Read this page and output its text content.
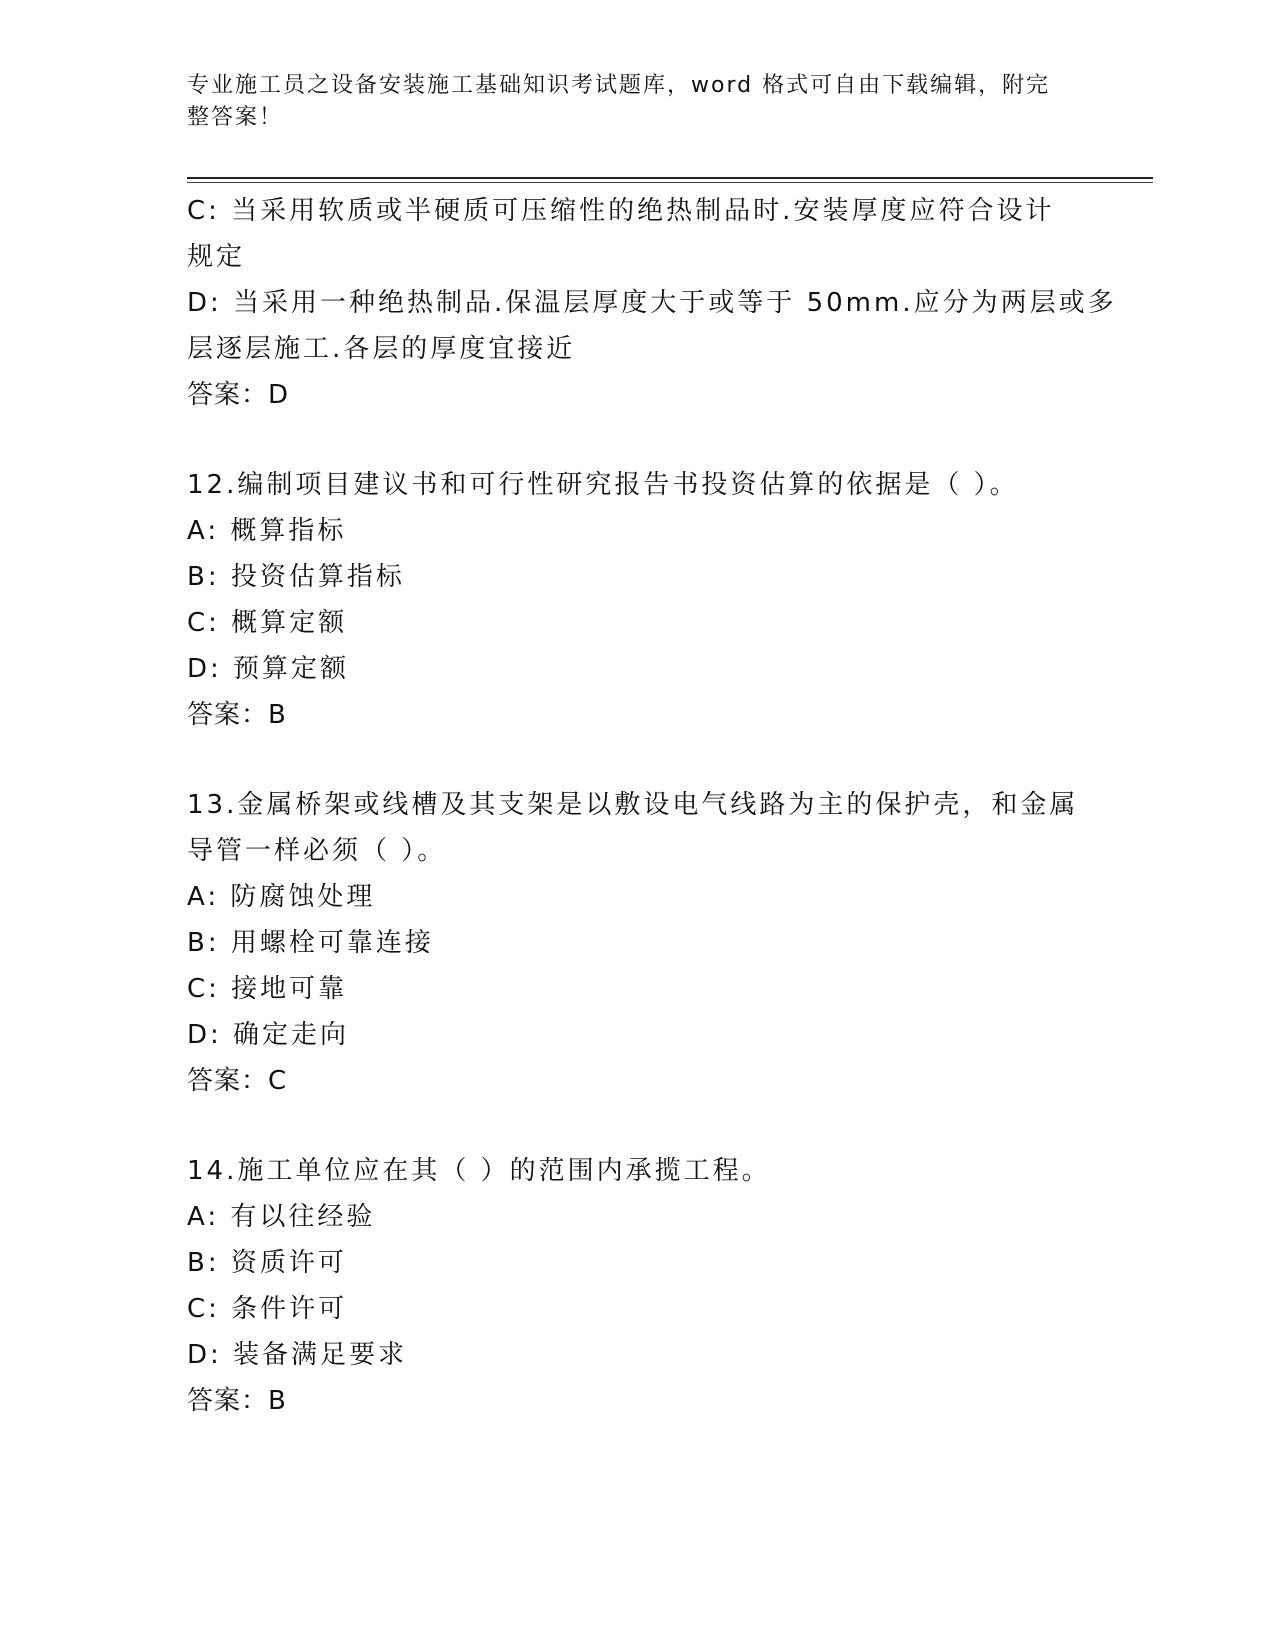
专业施工员之设备安装施工基础知识考试题库，word 格式可自由下载编辑，附完
整答案！
C: 当采用软质或半硬质可压缩性的绝热制品时.安装厚度应符合设计
规定
D: 当采用一种绝热制品.保温层厚度大于或等于 50mm.应分为两层或多
层逐层施工.各层的厚度宜接近
答案：D
12.编制项目建议书和可行性研究报告书投资估算的依据是（ ）。
A: 概算指标
B: 投资估算指标
C: 概算定额
D: 预算定额
答案：B
13.金属桥架或线槽及其支架是以敷设电气线路为主的保护壳，和金属
导管一样必须（ ）。
A: 防腐蚀处理
B: 用螺栓可靠连接
C: 接地可靠
D: 确定走向
答案：C
14.施工单位应在其（ ）的范围内承揽工程。
A: 有以往经验
B: 资质许可
C: 条件许可
D: 装备满足要求
答案：B
